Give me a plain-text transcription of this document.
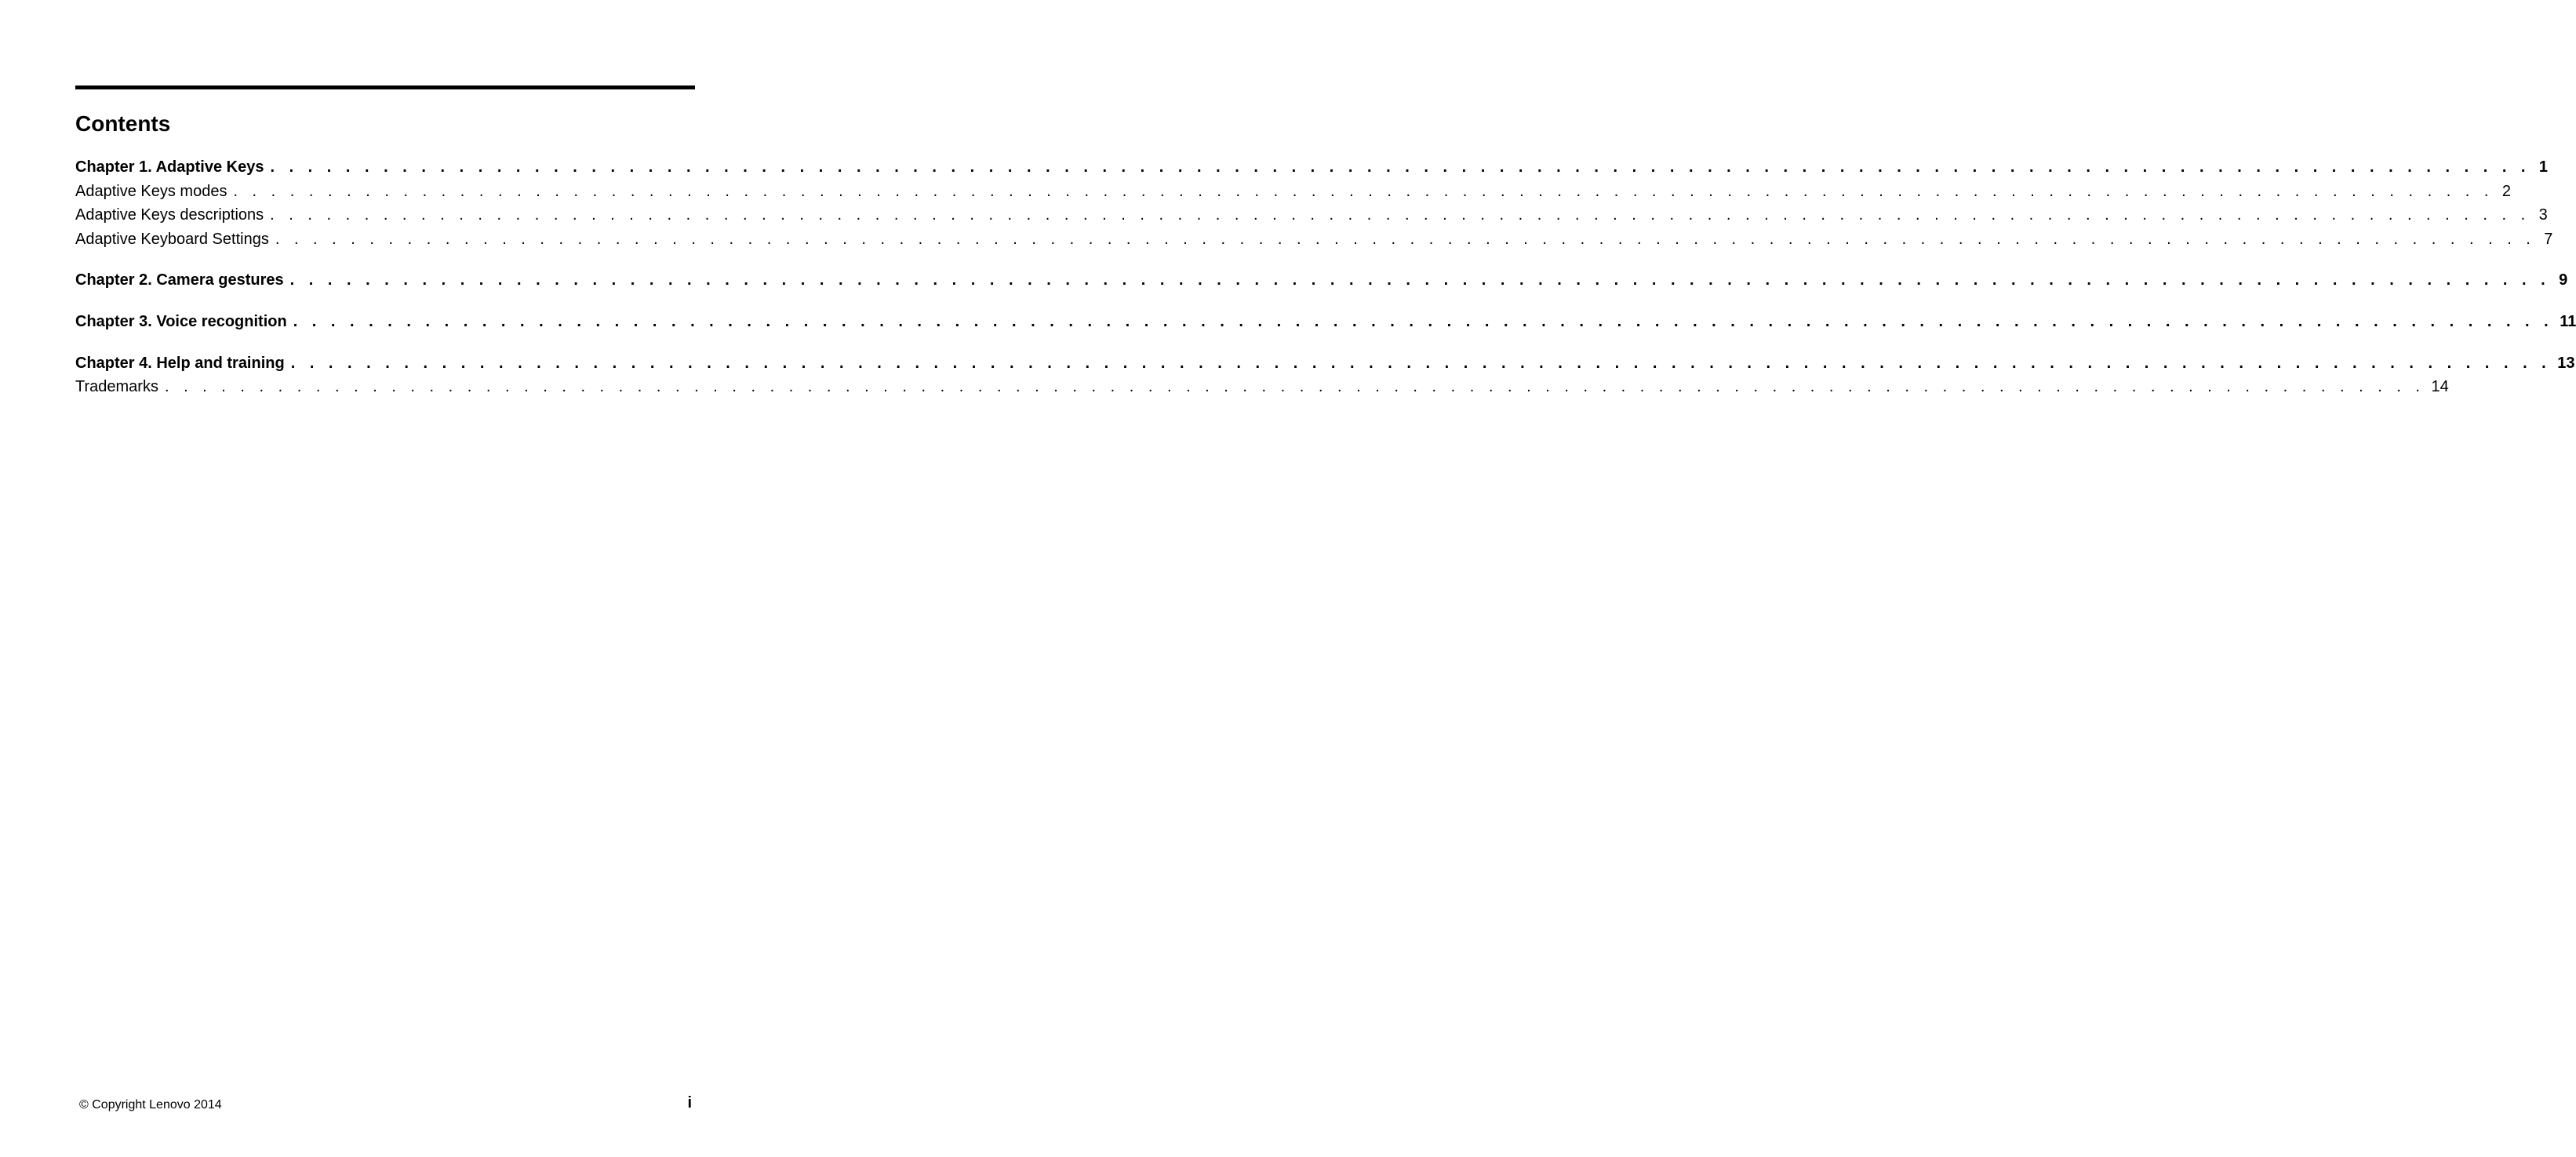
Contents
Chapter 1. Adaptive Keys . . . . . . . . . . . . . . . . . . . . . . . . . . . . . . . . . . . . . . . . . . . . . . . . . . . . . . . . . . . . . . . . . . . . . . . . . . . . . . . . . . . . . . . . . . . . . . . . . . . . . . . . . . . . . . . . . . . . . . . . 1
Adaptive Keys modes . . . . . . . . . . . . . . . . . . . . . . . . . . . . . . . . . . . . . . . . . . . . . . . . . . . . . . . . . . . . . . . . . . . . . . . . . . . . . . . . . . . . . . . . . . . . . . . . . . . . . . . . . . . . . . . . . . . . . . . . 2
Adaptive Keys descriptions . . . . . . . . . . . . . . . . . . . . . . . . . . . . . . . . . . . . . . . . . . . . . . . . . . . . . . . . . . . . . . . . . . . . . . . . . . . . . . . . . . . . . . . . . . . . . . . . . . . . . . . . . . . . . . . . . . . . . . . . 3
Adaptive Keyboard Settings . . . . . . . . . . . . . . . . . . . . . . . . . . . . . . . . . . . . . . . . . . . . . . . . . . . . . . . . . . . . . . . . . . . . . . . . . . . . . . . . . . . . . . . . . . . . . . . . . . . . . . . . . . . . . . . . . . . . . . . . 7
Chapter 2. Camera gestures . . . . . . . . . . . . . . . . . . . . . . . . . . . . . . . . . . . . . . . . . . . . . . . . . . . . . . . . . . . . . . . . . . . . . . . . . . . . . . . . . . . . . . . . . . . . . . . . . . . . . . . . . . . . . . . . . . . . . . . . 9
Chapter 3. Voice recognition . . . . . . . . . . . . . . . . . . . . . . . . . . . . . . . . . . . . . . . . . . . . . . . . . . . . . . . . . . . . . . . . . . . . . . . . . . . . . . . . . . . . . . . . . . . . . . . . . . . . . . . . . . . . . . . . . . . . . . . . 11
Chapter 4. Help and training . . . . . . . . . . . . . . . . . . . . . . . . . . . . . . . . . . . . . . . . . . . . . . . . . . . . . . . . . . . . . . . . . . . . . . . . . . . . . . . . . . . . . . . . . . . . . . . . . . . . . . . . . . . . . . . . . . . . . . . . 13
Trademarks . . . . . . . . . . . . . . . . . . . . . . . . . . . . . . . . . . . . . . . . . . . . . . . . . . . . . . . . . . . . . . . . . . . . . . . . . . . . . . . . . . . . . . . . . . . . . . . . . . . . . . . . . . . . . . . . . . . . . . . . 14
© Copyright Lenovo 2014	i
